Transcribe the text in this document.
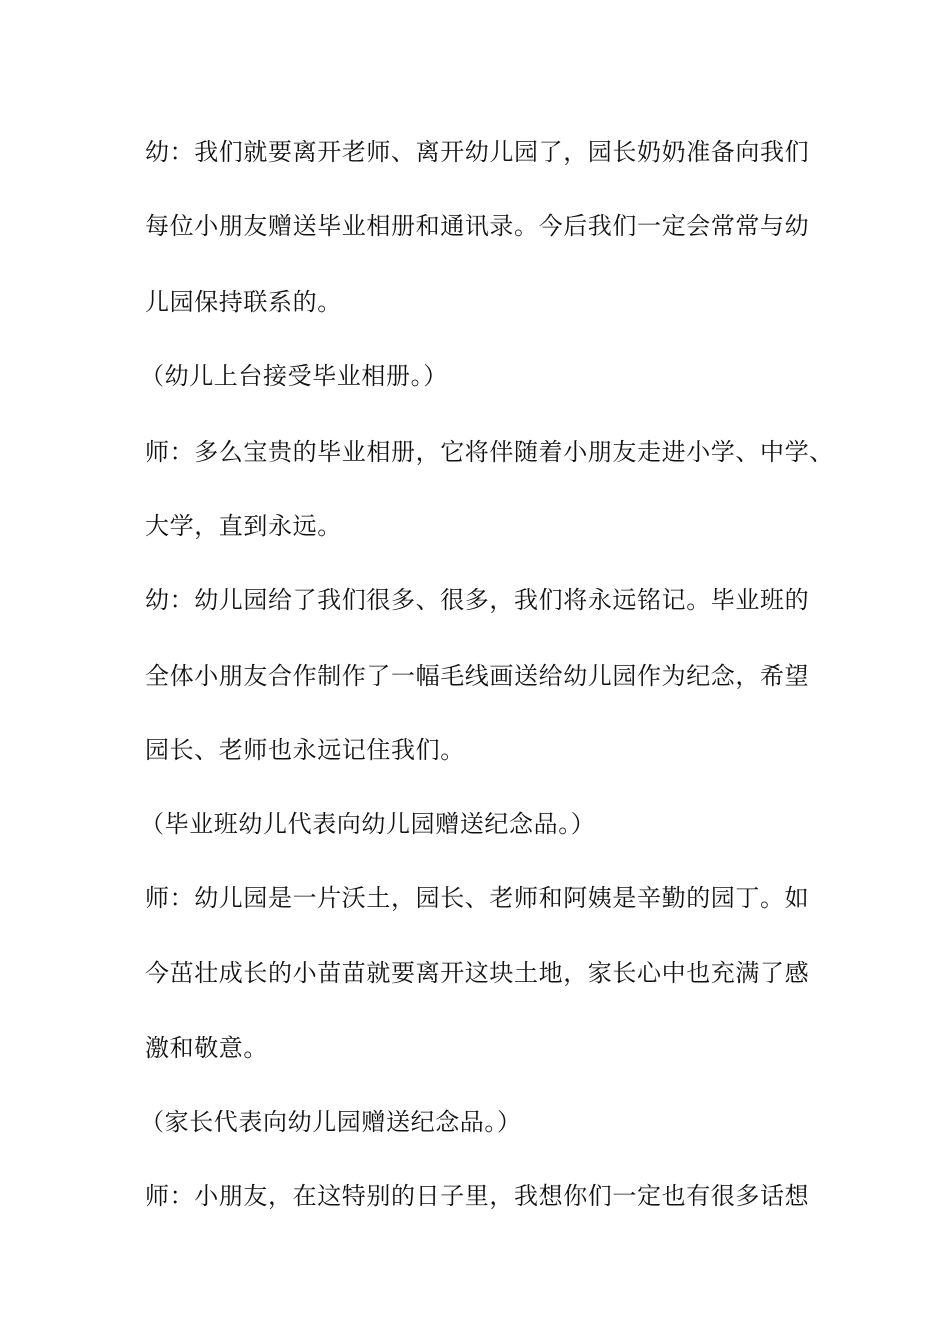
幼：我们就要离开老师、离开幼儿园了，园长奶奶准备向我们
每位小朋友赠送毕业相册和通讯录。今后我们一定会常常与幼
儿园保持联系的。
（幼儿上台接受毕业相册。）
师：多么宝贵的毕业相册，它将伴随着小朋友走进小学、中学、
大学，直到永远。
幼：幼儿园给了我们很多、很多，我们将永远铭记。毕业班的
全体小朋友合作制作了一幅毛线画送给幼儿园作为纪念，希望
园长、老师也永远记住我们。
（毕业班幼儿代表向幼儿园赠送纪念品。）
师：幼儿园是一片沃土，园长、老师和阿姨是辛勤的园丁。如
今茁壮成长的小苗苗就要离开这块土地，家长心中也充满了感
激和敬意。
（家长代表向幼儿园赠送纪念品。）
师：小朋友，在这特别的日子里，我想你们一定也有很多话想
